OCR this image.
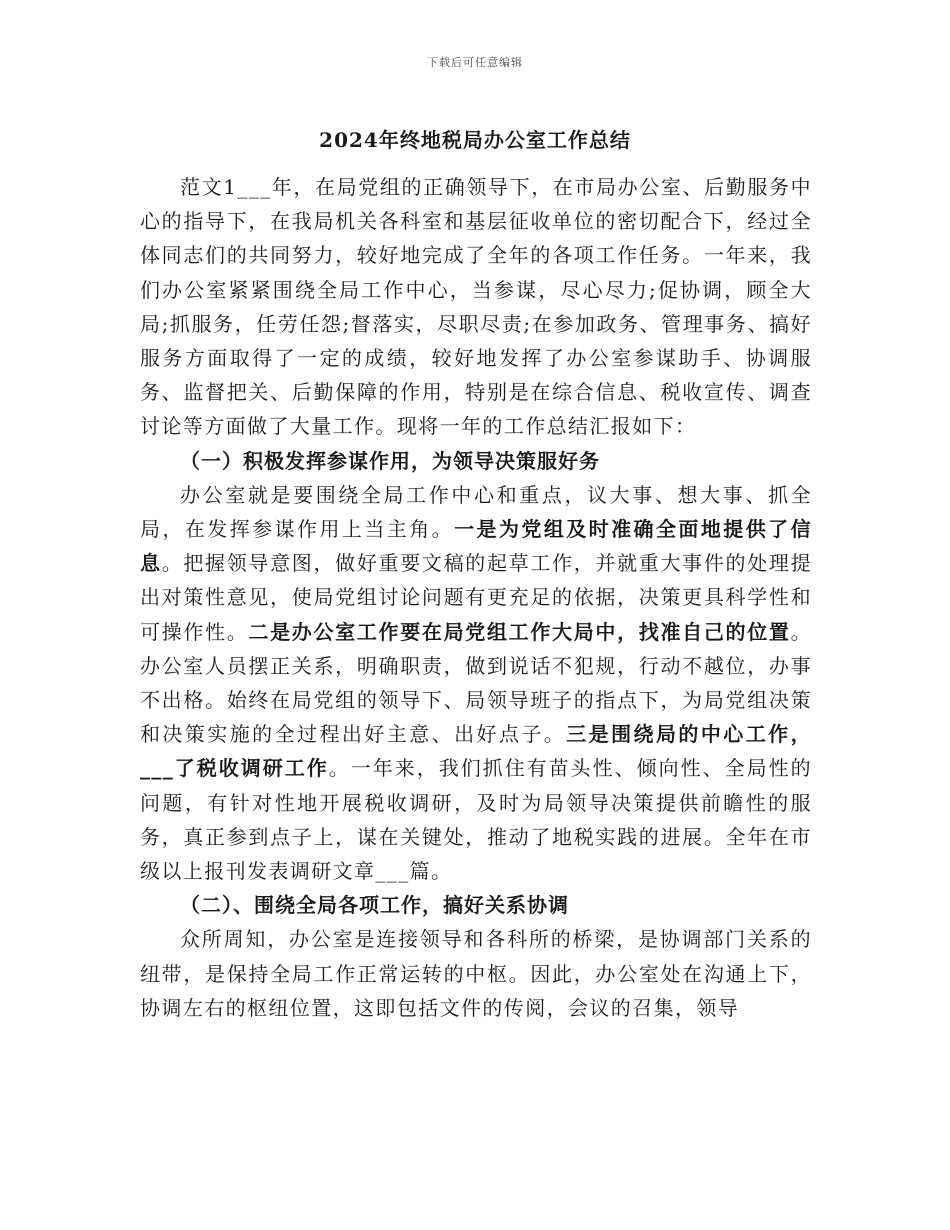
下载后可任意编辑
2024年终地税局办公室工作总结

范文1___年，在局党组的正确领导下，在市局办公室、后勤服务中心的指导下，在我局机关各科室和基层征收单位的密切配合下，经过全体同志们的共同努力，较好地完成了全年的各项工作任务。一年来，我们办公室紧紧围绕全局工作中心，当参谋，尽心尽力;促协调，顾全大局;抓服务，任劳任怨;督落实，尽职尽责;在参加政务、管理事务、搞好服务方面取得了一定的成绩，较好地发挥了办公室参谋助手、协调服务、监督把关、后勤保障的作用，特别是在综合信息、税收宣传、调查讨论等方面做了大量工作。现将一年的工作总结汇报如下：

（一）积极发挥参谋作用，为领导决策服好务

办公室就是要围绕全局工作中心和重点，议大事、想大事、抓全局，在发挥参谋作用上当主角。一是为党组及时准确全面地提供了信息。把握领导意图，做好重要文稿的起草工作，并就重大事件的处理提出对策性意见，使局党组讨论问题有更充足的依据，决策更具科学性和可操作性。二是办公室工作要在局党组工作大局中，找准自己的位置。办公室人员摆正关系，明确职责，做到说话不犯规，行动不越位，办事不出格。始终在局党组的领导下、局领导班子的指点下，为局党组决策和决策实施的全过程出好主意、出好点子。三是围绕局的中心工作，___了税收调研工作。一年来，我们抓住有苗头性、倾向性、全局性的问题，有针对性地开展税收调研，及时为局领导决策提供前瞻性的服务，真正参到点子上，谋在关键处，推动了地税实践的进展。全年在市级以上报刊发表调研文章___篇。

（二）、围绕全局各项工作，搞好关系协调

众所周知，办公室是连接领导和各科所的桥梁，是协调部门关系的纽带，是保持全局工作正常运转的中枢。因此，办公室处在沟通上下，协调左右的枢纽位置，这即包括文件的传阅，会议的召集，领导
